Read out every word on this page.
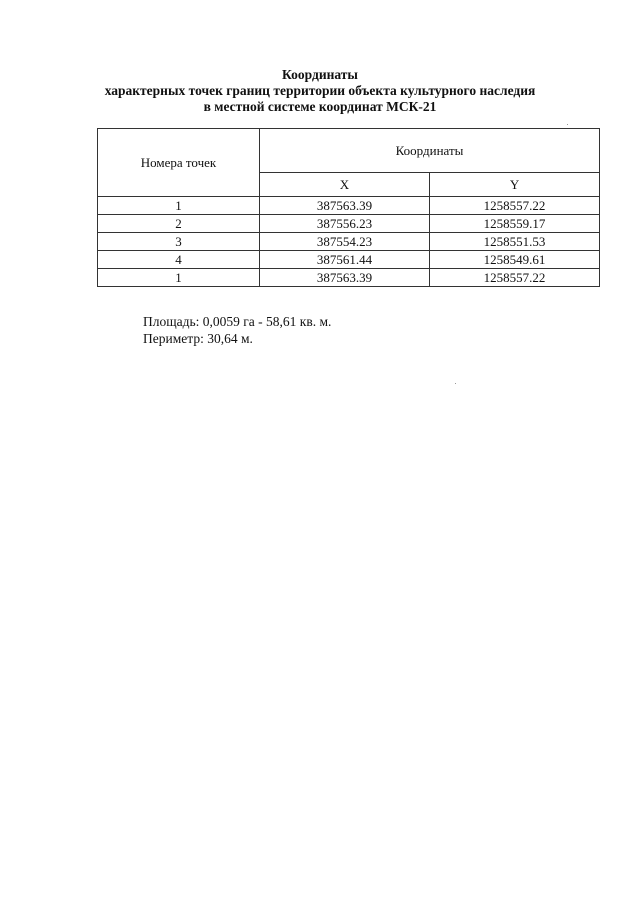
Координаты
характерных точек границ территории объекта культурного наследия
в местной системе координат МСК-21
Номера точек	Координаты	
	X	Y
1	387563.39	1258557.22
2	387556.23	1258559.17
3	387554.23	1258551.53
4	387561.44	1258549.61
1	387563.39	1258557.22
Площадь: 0,0059 га - 58,61 кв. м.
Периметр: 30,64 м.
